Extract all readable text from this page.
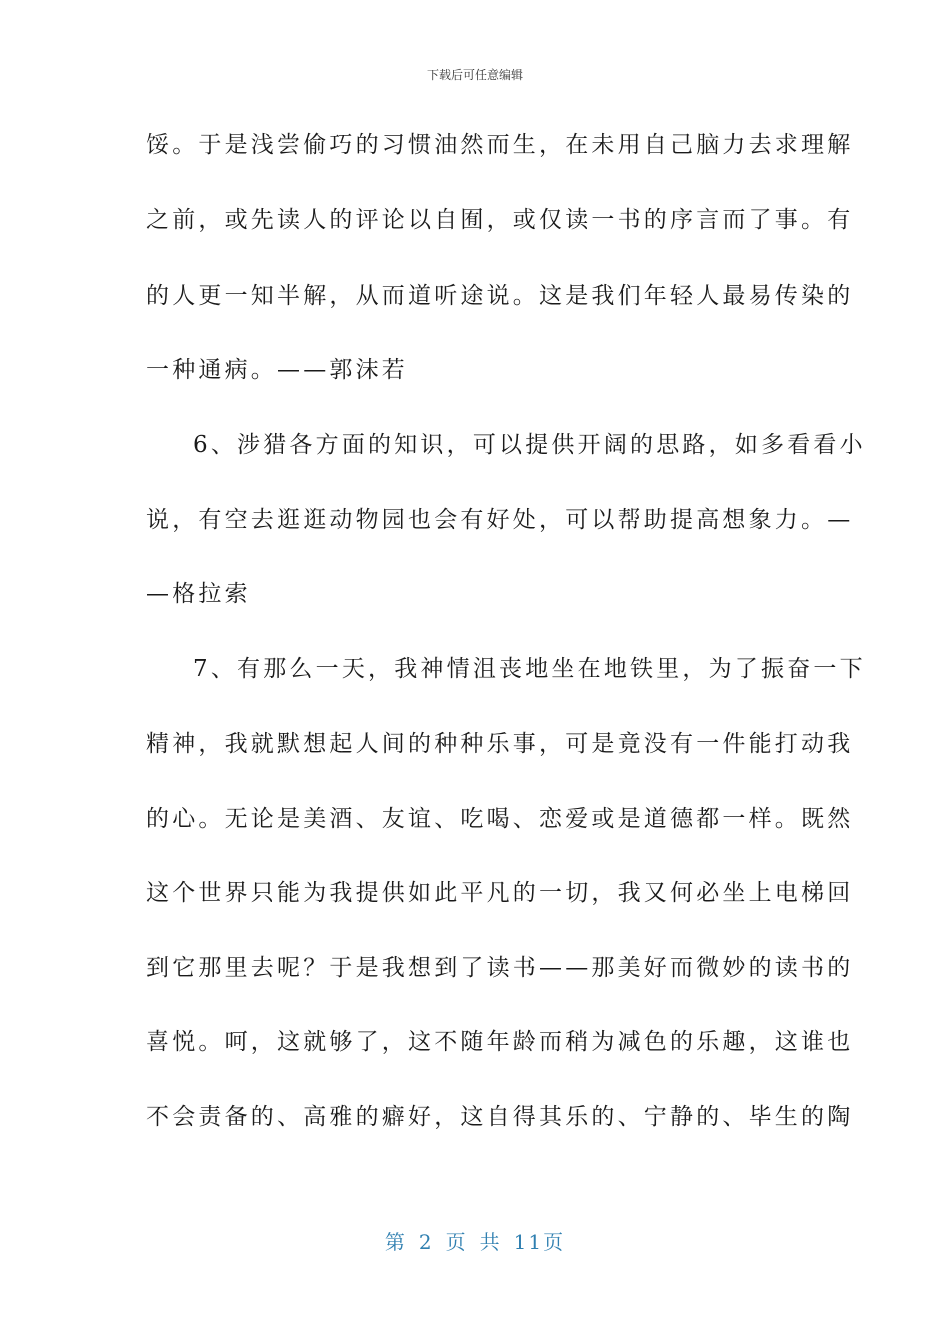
下载后可任意编辑
馁。于是浅尝偷巧的习惯油然而生，在未用自己脑力去求理解
之前，或先读人的评论以自囿，或仅读一书的序言而了事。有
的人更一知半解，从而道听途说。这是我们年轻人最易传染的
一种通病。——郭沫若
6、涉猎各方面的知识，可以提供开阔的思路，如多看看小
说，有空去逛逛动物园也会有好处，可以帮助提高想象力。—
—格拉索
7、有那么一天，我神情沮丧地坐在地铁里，为了振奋一下
精神，我就默想起人间的种种乐事，可是竟没有一件能打动我
的心。无论是美酒、友谊、吃喝、恋爱或是道德都一样。既然
这个世界只能为我提供如此平凡的一切，我又何必坐上电梯回
到它那里去呢？于是我想到了读书——那美好而微妙的读书的
喜悦。呵，这就够了，这不随年龄而稍为减色的乐趣，这谁也
不会责备的、高雅的癖好，这自得其乐的、宁静的、毕生的陶
第 2 页 共 11页
